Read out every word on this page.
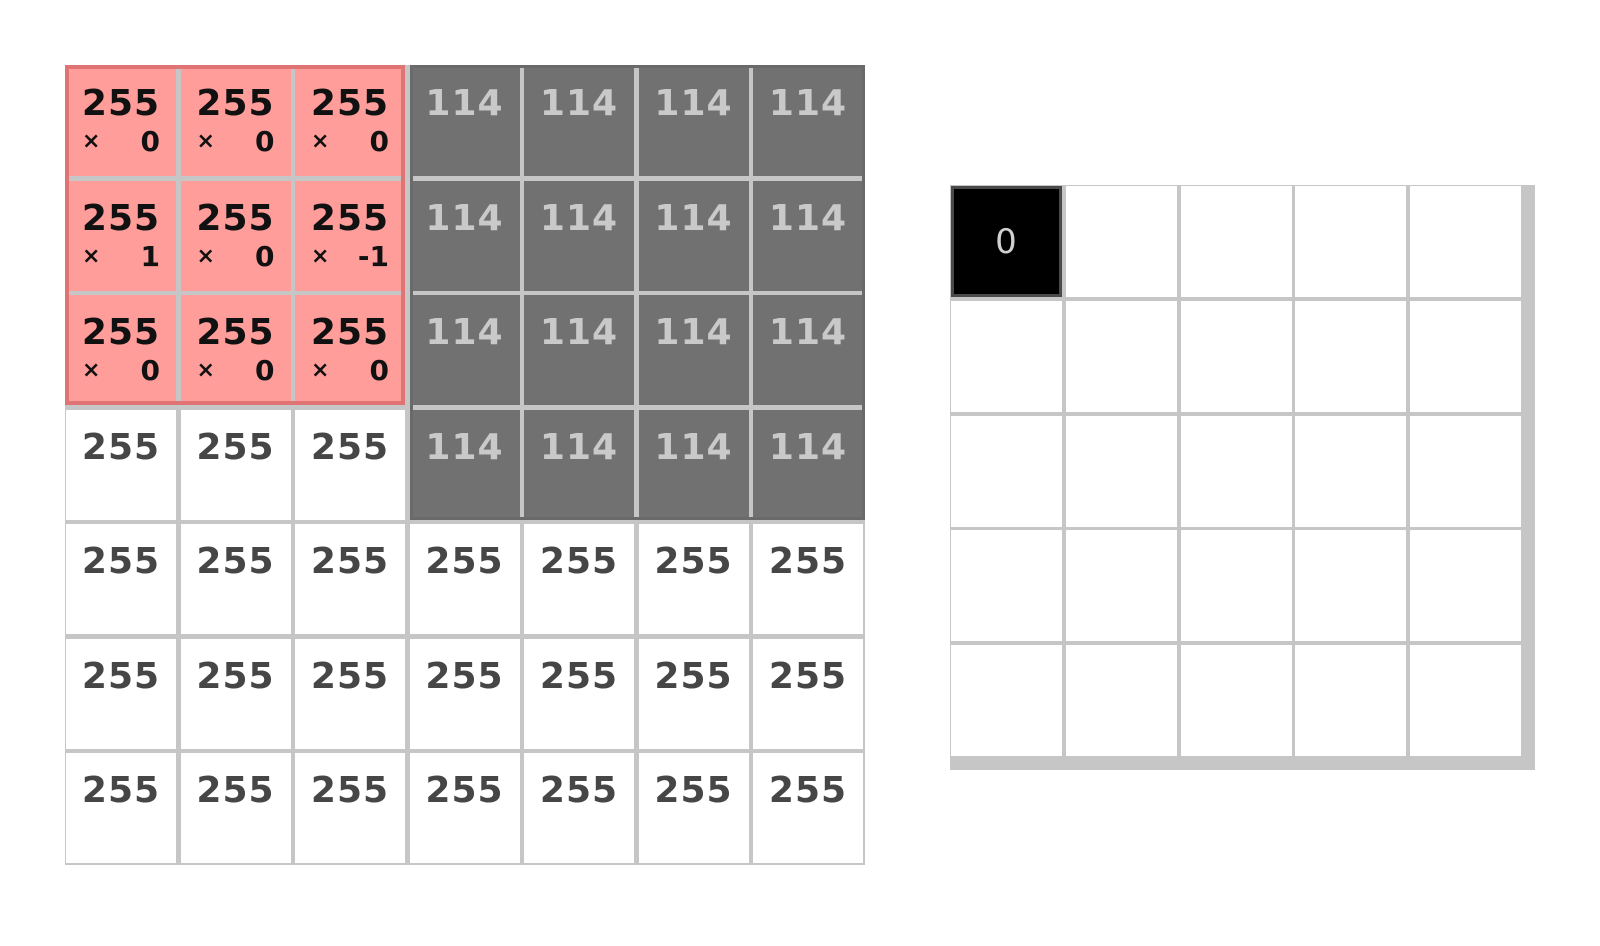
255
× 0
255
× 0
255
× 0
114 114 114 114
255
× 1
255
× 0
255
× -1
114 114 114 114
255
× 0
255
× 0
255
× 0
114 114 114 114
255 255 255 114 114 114 114
255 255 255 255 255 255 255
255 255 255 255 255 255 255
255 255 255 255 255 255 255
0
